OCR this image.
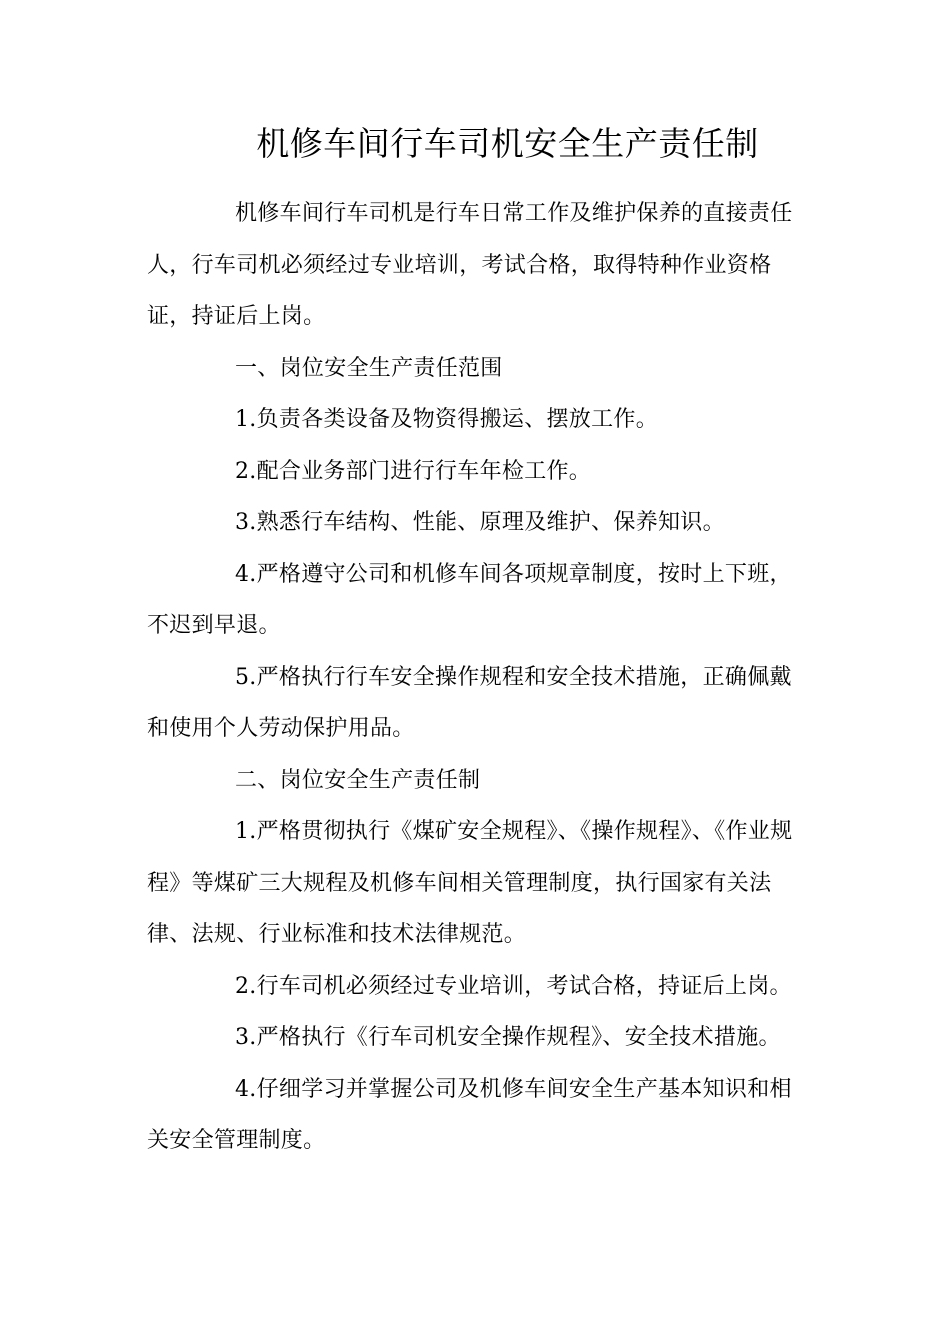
机修车间行车司机安全生产责任制

机修车间行车司机是行车日常工作及维护保养的直接责任人，行车司机必须经过专业培训，考试合格，取得特种作业资格证，持证后上岗。

一、岗位安全生产责任范围

1.负责各类设备及物资得搬运、摆放工作。

2.配合业务部门进行行车年检工作。

3.熟悉行车结构、性能、原理及维护、保养知识。

4.严格遵守公司和机修车间各项规章制度，按时上下班，不迟到早退。

5.严格执行行车安全操作规程和安全技术措施，正确佩戴和使用个人劳动保护用品。

二、岗位安全生产责任制

1.严格贯彻执行《煤矿安全规程》、《操作规程》、《作业规程》等煤矿三大规程及机修车间相关管理制度，执行国家有关法律、法规、行业标准和技术法律规范。

2.行车司机必须经过专业培训，考试合格，持证后上岗。

3.严格执行《行车司机安全操作规程》、安全技术措施。

4.仔细学习并掌握公司及机修车间安全生产基本知识和相关安全管理制度。
